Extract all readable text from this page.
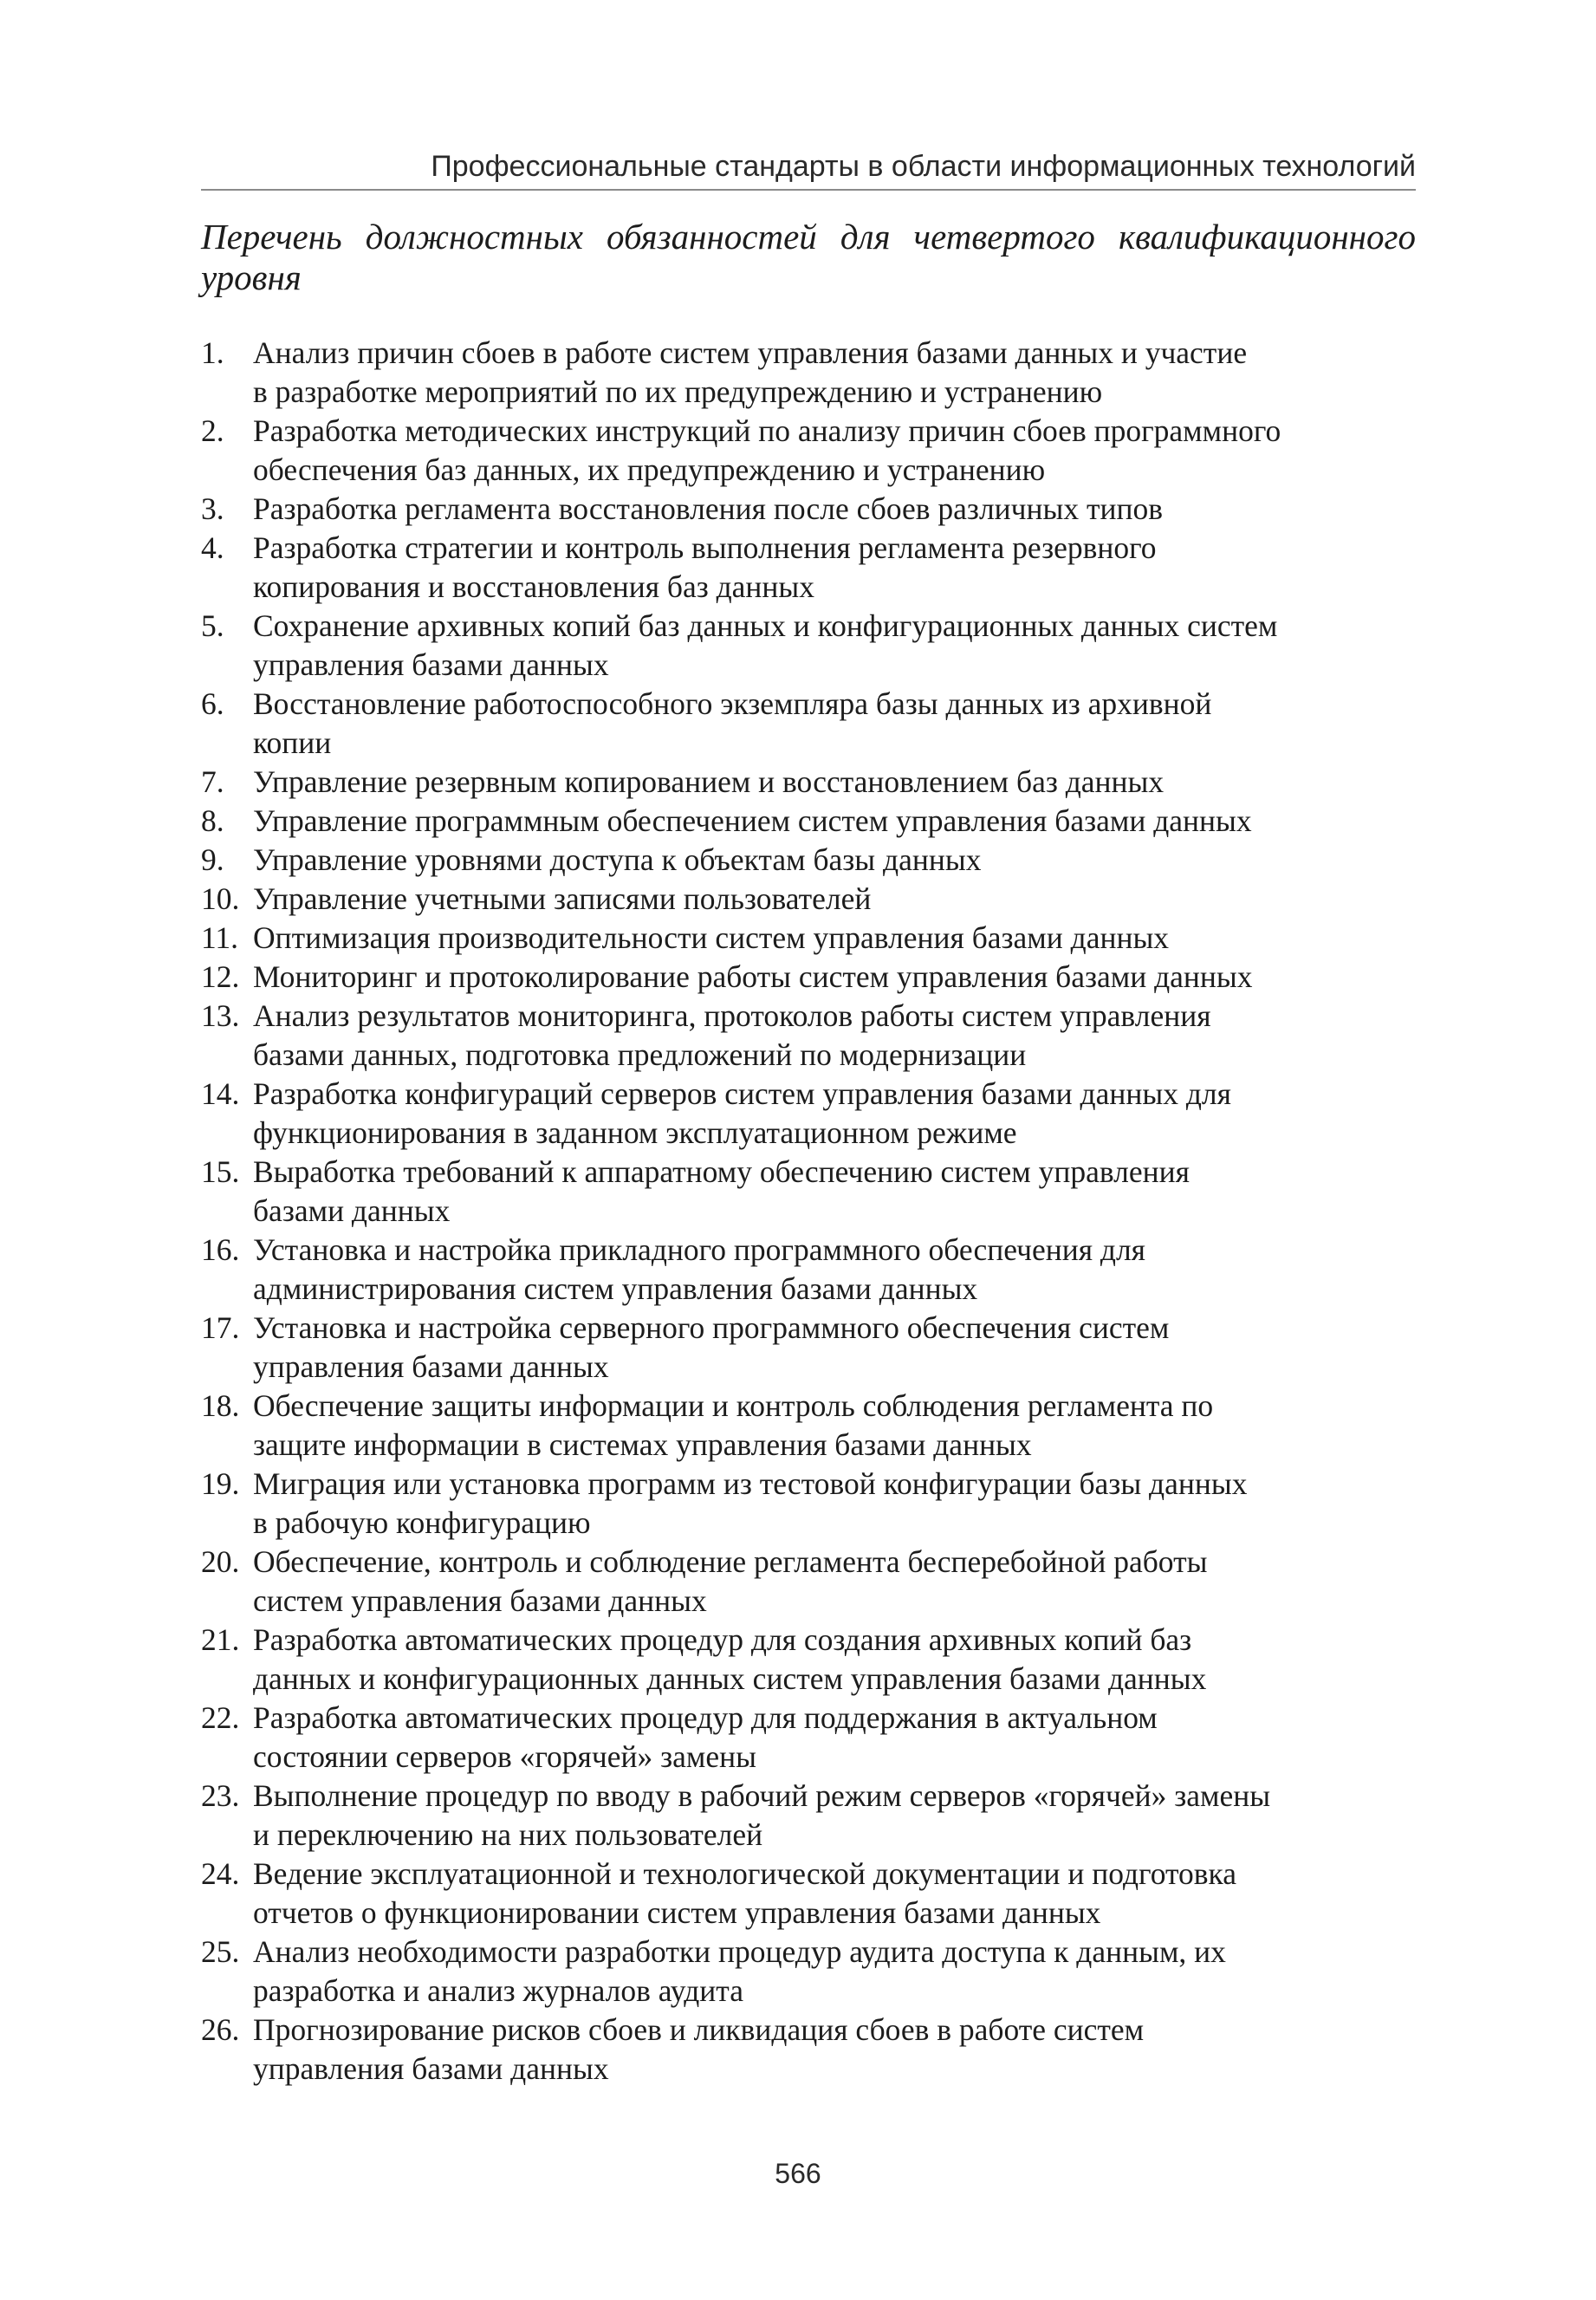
Профессиональные стандарты в области информационных технологий
Перечень должностных обязанностей для четвертого квалификационного уровня
1. Анализ причин сбоев в работе систем управления базами данных и участие
в разработке мероприятий по их предупреждению и устранению
2. Разработка методических инструкций по анализу причин сбоев программного
обеспечения баз данных, их предупреждению и устранению
3. Разработка регламента восстановления после сбоев различных типов
4. Разработка стратегии и контроль выполнения регламента резервного
копирования и восстановления баз данных
5. Сохранение архивных копий баз данных и конфигурационных данных систем
управления базами данных
6. Восстановление работоспособного экземпляра базы данных из архивной
копии
7. Управление резервным копированием и восстановлением баз данных
8. Управление программным обеспечением систем управления базами данных
9. Управление уровнями доступа к объектам базы данных
10. Управление учетными записями пользователей
11. Оптимизация производительности систем управления базами данных
12. Мониторинг и протоколирование работы систем управления базами данных
13. Анализ результатов мониторинга, протоколов работы систем управления
базами данных, подготовка предложений по модернизации
14. Разработка конфигураций серверов систем управления базами данных для
функционирования в заданном эксплуатационном режиме
15. Выработка требований к аппаратному обеспечению систем управления
базами данных
16. Установка и настройка прикладного программного обеспечения для
администрирования систем управления базами данных
17. Установка и настройка серверного программного обеспечения систем
управления базами данных
18. Обеспечение защиты информации и контроль соблюдения регламента по
защите информации в системах управления базами данных
19. Миграция или установка программ из тестовой конфигурации базы данных
в рабочую конфигурацию
20. Обеспечение, контроль и соблюдение регламента бесперебойной работы
систем управления базами данных
21. Разработка автоматических процедур для создания архивных копий баз
данных и конфигурационных данных систем управления базами данных
22. Разработка автоматических процедур для поддержания в актуальном
состоянии серверов «горячей» замены
23. Выполнение процедур по вводу в рабочий режим серверов «горячей» замены
и переключению на них пользователей
24. Ведение эксплуатационной и технологической документации и подготовка
отчетов о функционировании систем управления базами данных
25. Анализ необходимости разработки процедур аудита доступа к данным, их
разработка и анализ журналов аудита
26. Прогнозирование рисков сбоев и ликвидация сбоев в работе систем
управления базами данных
566
